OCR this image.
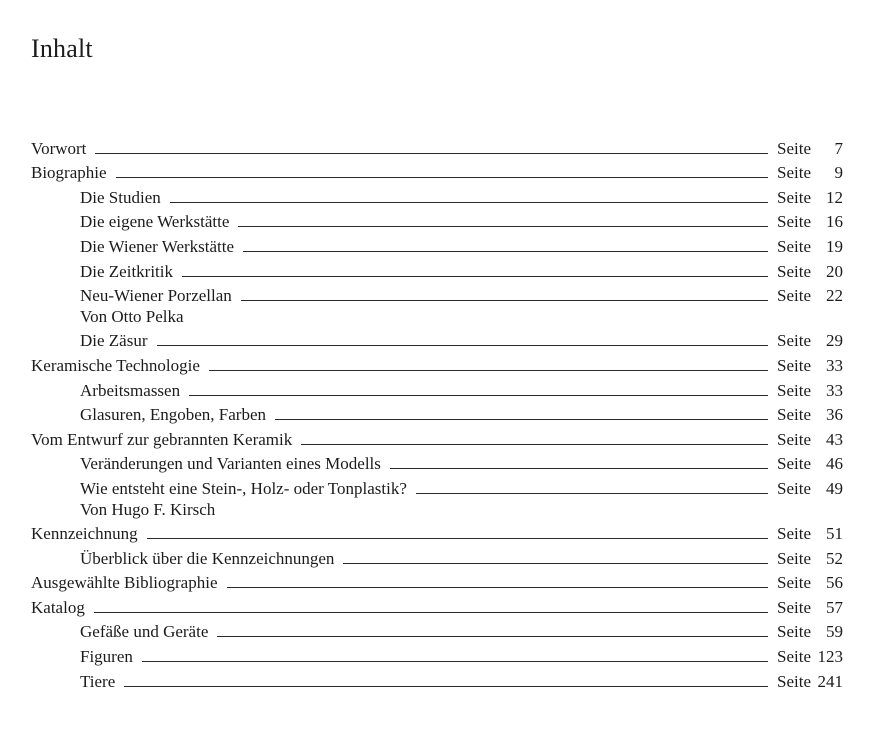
Inhalt
Vorwort	Seite 7
Biographie	Seite 9
Die Studien	Seite 12
Die eigene Werkstätte	Seite 16
Die Wiener Werkstätte	Seite 19
Die Zeitkritik	Seite 20
Neu-Wiener Porzellan	Seite 22
Von Otto Pelka
Die Zäsur	Seite 29
Keramische Technologie	Seite 33
Arbeitsmassen	Seite 33
Glasuren, Engoben, Farben	Seite 36
Vom Entwurf zur gebrannten Keramik	Seite 43
Veränderungen und Varianten eines Modells	Seite 46
Wie entsteht eine Stein-, Holz- oder Tonplastik?	Seite 49
Von Hugo F. Kirsch
Kennzeichnung	Seite 51
Überblick über die Kennzeichnungen	Seite 52
Ausgewählte Bibliographie	Seite 56
Katalog	Seite 57
Gefäße und Geräte	Seite 59
Figuren	Seite 123
Tiere	Seite 241
